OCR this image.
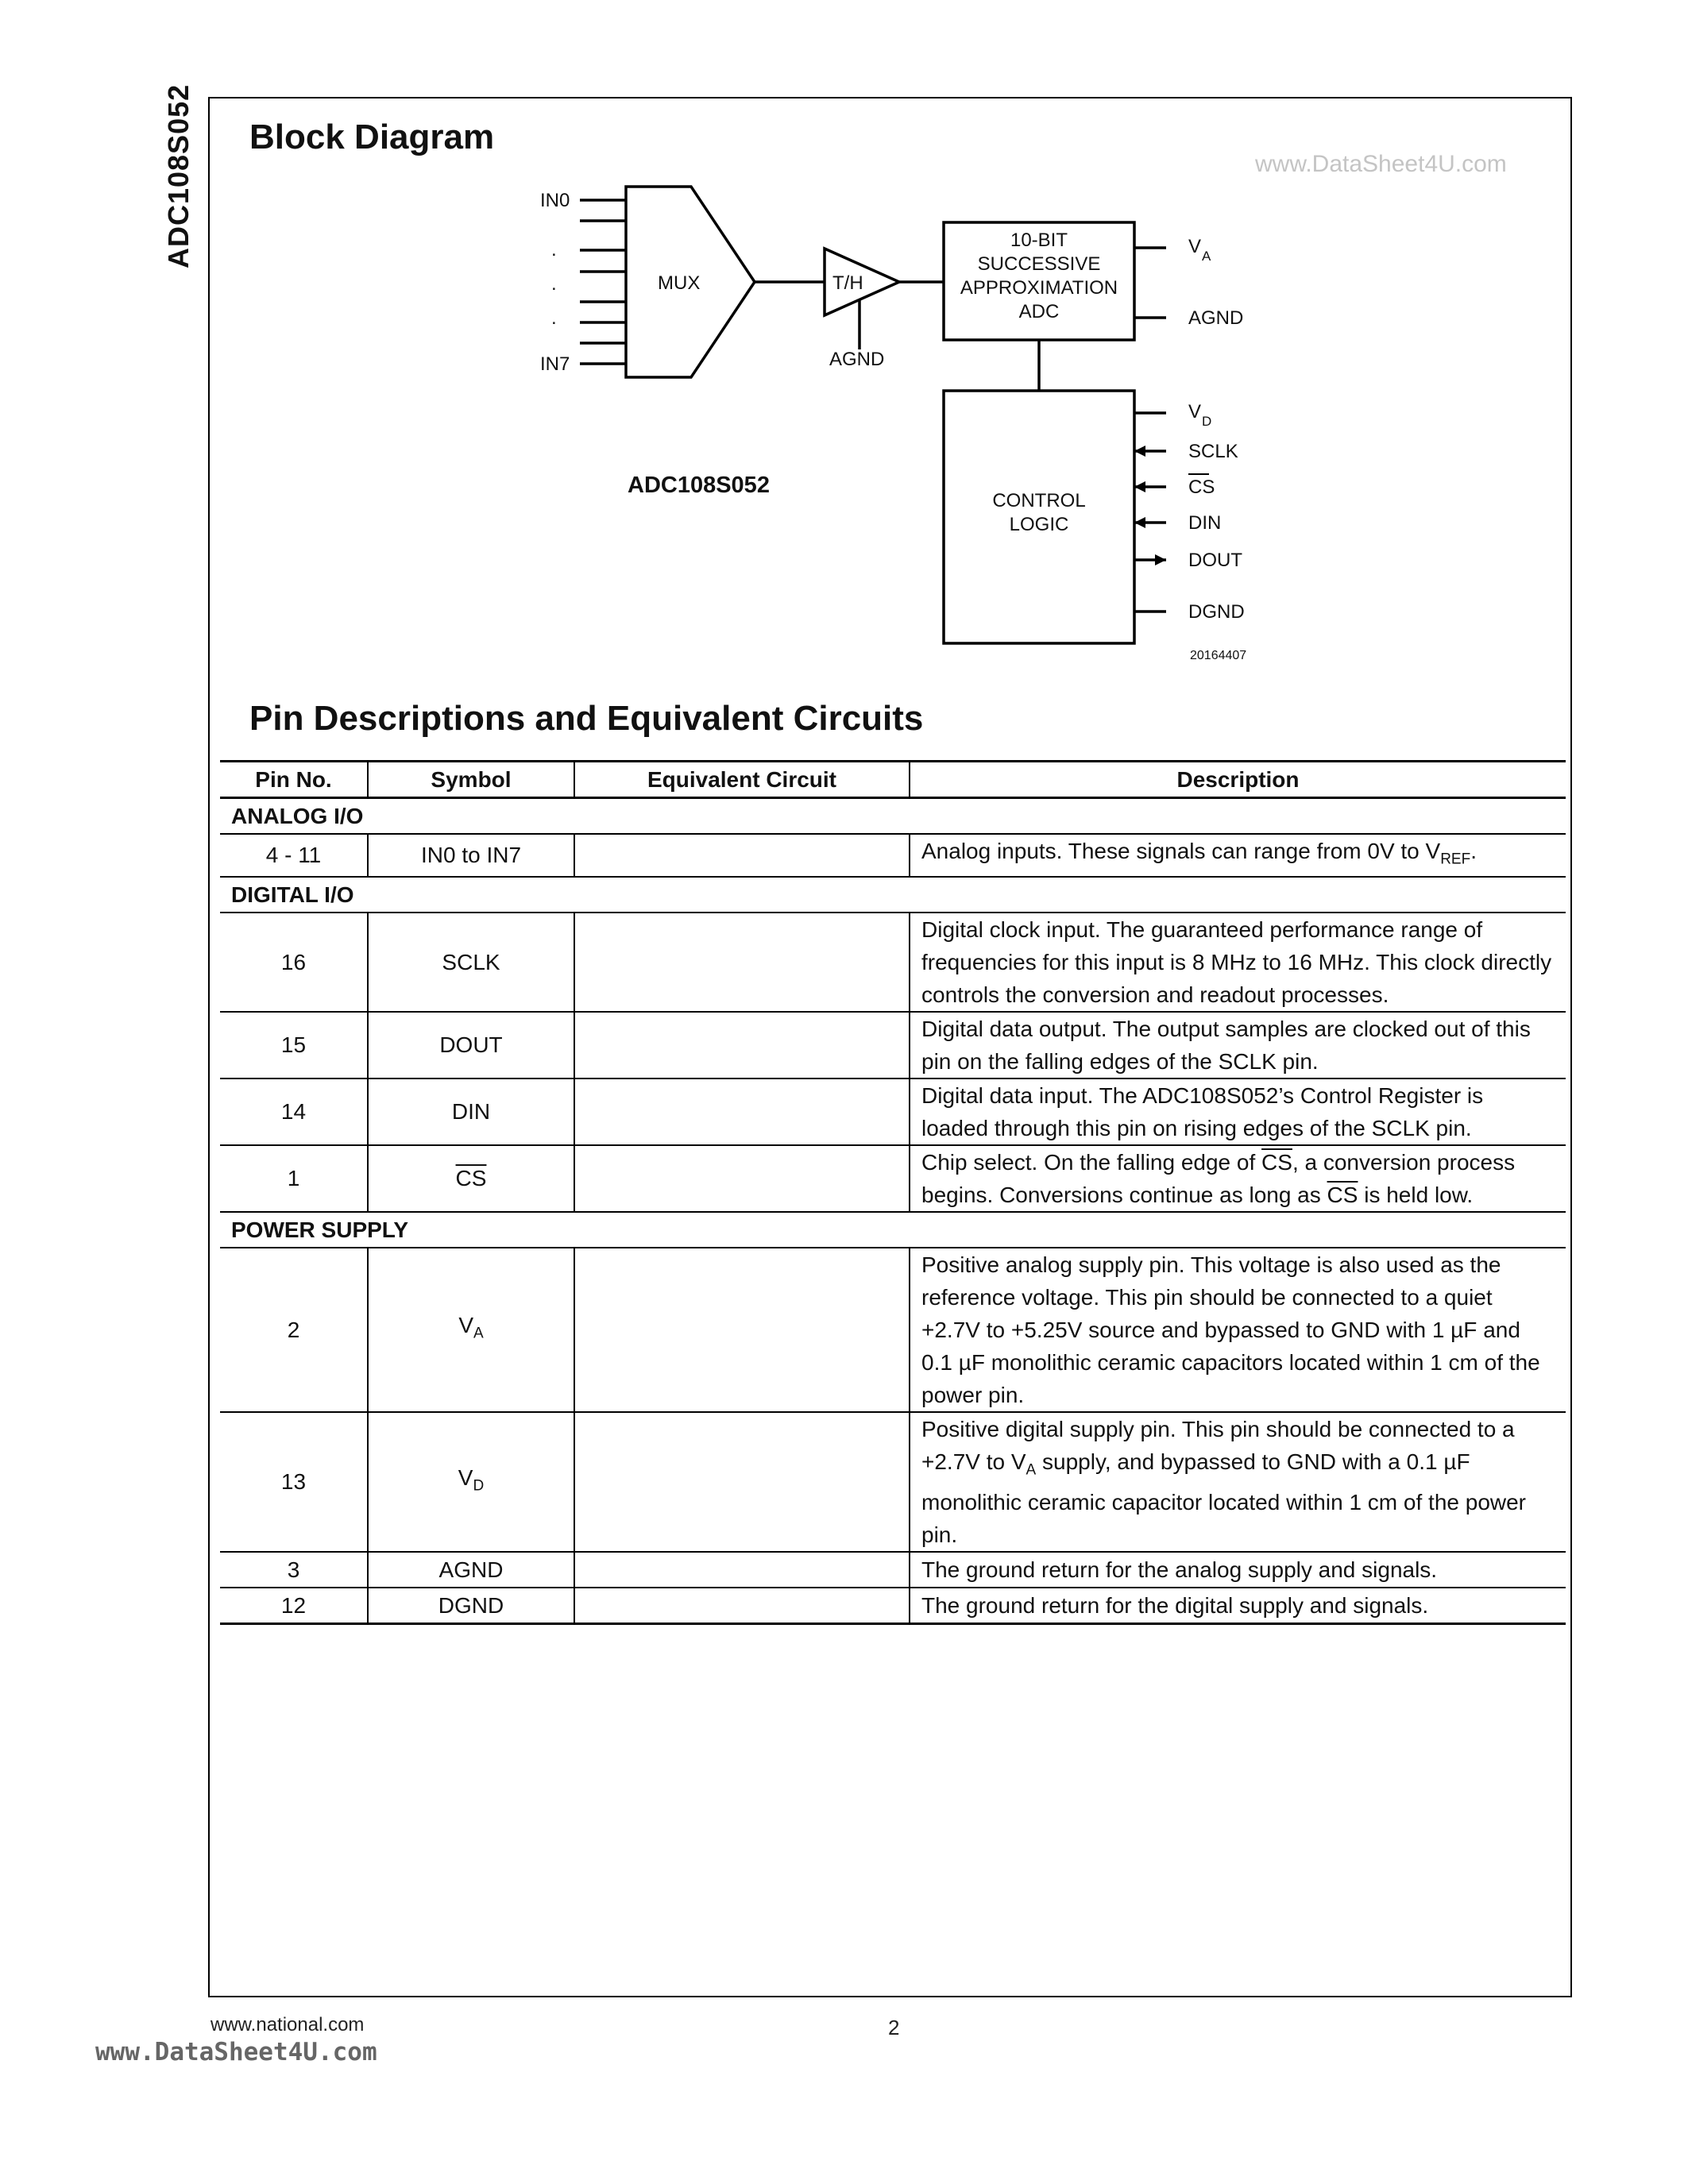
ADC108S052 Block Diagram
www.DataSheet4U.com
IN0
.
.
.
IN7
MUX	T/H
AGND
10-BIT
SUCCESSIVE
APPROXIMATION
ADC
V A
AGND
V D
SCLK
CS
DIN
DOUT
DGND
CONTROL
LOGIC
ADC108S052
20164407
Pin Descriptions and Equivalent Circuits
Pin No.	Symbol	Equivalent Circuit	Description
ANALOG I/O			
4 - 11	IN0 to IN7		Analog inputs. These signals can range from 0V to $V_{REF}$.
DIGITAL I/O			
16	SCLK		Digital clock input. The guaranteed performance range of frequencies for this input is 8 MHz to 16 MHz. This clock directly controls the conversion and readout processes.
15	DOUT		Digital data output. The output samples are clocked out of this pin on the falling edges of the SCLK pin.
14	DIN		Digital data input. The ADC108S052’s Control Register is loaded through this pin on rising edges of the SCLK pin.
1	$\overline{CS}$		Chip select. On the falling edge of $\overline{CS}$, a conversion process begins. Conversions continue as long as $\overline{CS}$ is held low.
POWER SUPPLY			
2	$V_A$		Positive analog supply pin. This voltage is also used as the reference voltage. This pin should be connected to a quiet +2.7V to +5.25V source and bypassed to GND with 1 µF and 0.1 µF monolithic ceramic capacitors located within 1 cm of the power pin.
13	$V_D$		Positive digital supply pin. This pin should be connected to a +2.7V to $V_A$ supply, and bypassed to GND with a 0.1 µF monolithic ceramic capacitor located within 1 cm of the power pin.
3	AGND		The ground return for the analog supply and signals.
12	DGND		The ground return for the digital supply and signals.
www.national.com	2
www.DataSheet4U.com
